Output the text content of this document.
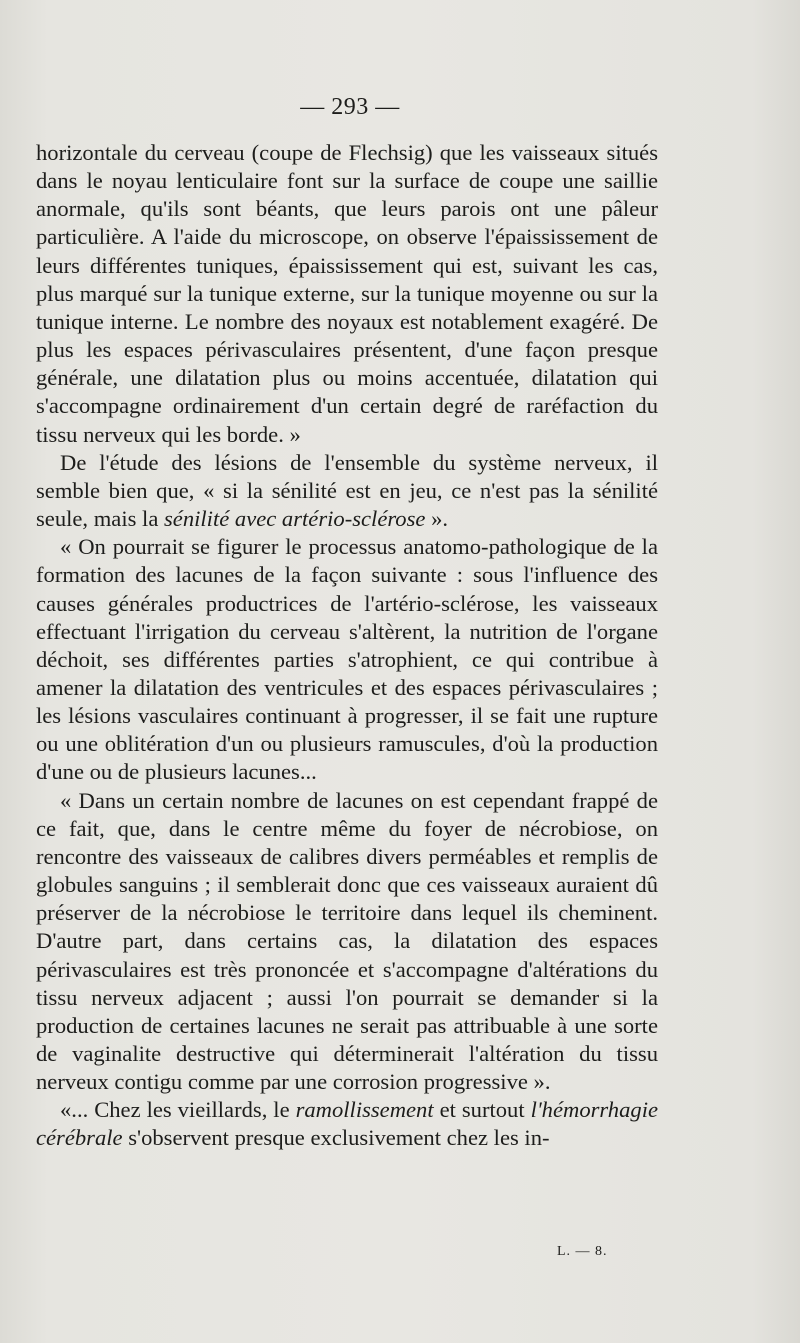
— 293 —

horizontale du cerveau (coupe de Flechsig) que les vaisseaux situés dans le noyau lenticulaire font sur la surface de coupe une saillie anormale, qu'ils sont béants, que leurs parois ont une pâleur particulière. A l'aide du microscope, on observe l'épaississement de leurs différentes tuniques, épaississement qui est, suivant les cas, plus marqué sur la tunique externe, sur la tunique moyenne ou sur la tunique interne. Le nombre des noyaux est notablement exagéré. De plus les espaces périvasculaires présentent, d'une façon presque générale, une dilatation plus ou moins accentuée, dilatation qui s'accompagne ordinairement d'un certain degré de raréfaction du tissu nerveux qui les borde. »

De l'étude des lésions de l'ensemble du système nerveux, il semble bien que, « si la sénilité est en jeu, ce n'est pas la sénilité seule, mais la sénilité avec artério-sclérose ».

« On pourrait se figurer le processus anatomo-pathologique de la formation des lacunes de la façon suivante : sous l'influence des causes générales productrices de l'artério-sclérose, les vaisseaux effectuant l'irrigation du cerveau s'altèrent, la nutrition de l'organe déchoit, ses différentes parties s'atrophient, ce qui contribue à amener la dilatation des ventricules et des espaces périvasculaires ; les lésions vasculaires continuant à progresser, il se fait une rupture ou une oblitération d'un ou plusieurs ramuscules, d'où la production d'une ou de plusieurs lacunes...

« Dans un certain nombre de lacunes on est cependant frappé de ce fait, que, dans le centre même du foyer de nécrobiose, on rencontre des vaisseaux de calibres divers perméables et remplis de globules sanguins ; il semblerait donc que ces vaisseaux auraient dû préserver de la nécrobiose le territoire dans lequel ils cheminent. D'autre part, dans certains cas, la dilatation des espaces périvasculaires est très prononcée et s'accompagne d'altérations du tissu nerveux adjacent ; aussi l'on pourrait se demander si la production de certaines lacunes ne serait pas attribuable à une sorte de vaginalite destructive qui déterminerait l'altération du tissu nerveux contigu comme par une corrosion progressive ».

«... Chez les vieillards, le ramollissement et surtout l'hémorrhagie cérébrale s'observent presque exclusivement chez les in-

L. — 8.
